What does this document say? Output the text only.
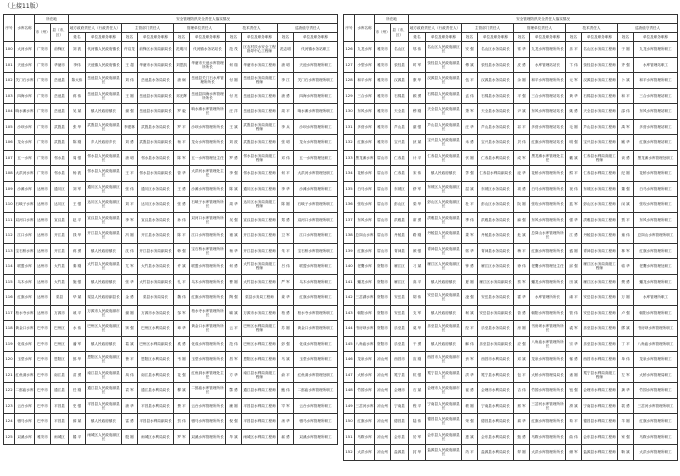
（上接11版）
序号	水库名称	所在地		安全管理防汛安全责任人落实情况									
		市（州）	县（市、区）	地方政府责任人（行政责任人）		主管部门责任人		管理单位责任人		技术责任人		巡查值守责任人	
				姓名	单位及职务职称	姓名	单位及职务职称	姓名	单位及职务职称	姓名	单位及职务职称	姓名	单位及职务职称
100	大河水库	广安市	前锋区	刘 波	代河镇人民政府镇长	许启龙	前锋区水务局副局长	范明川	代河镇水务站站长	范 茂	区农村饮水安全工程指导中心工程师	范志明	代河镇水务站职工
101	天池水库	广安市	华蓥市	李伟	天池镇人民政府镇长	王 超	华蓥市水务局副局长	刘思凯	华蓥市天池水库管理所所长	何 瑞	华蓥市水务局工程师	唐 明	天池水库管理所职工
102	关门石水库	广安市	岳池县	陈大伟	岳池县人民政府副县长	刘 伟	岳池县水务局局长	唐 炯	岳池县关门石水库管理所所长	付 刚	岳池县水务局高级工程师	李 江	关门石水库管理所职工
103	四海水库	广安市	岳池县	蒋 伟	岳池县人民政府副县长	王 刚	岳池县水务局副局长	邓光辉	岳池县四海水库管理所所长	付 亮	岳池县水务局工程师	唐 勇	四海水库管理所职工
104	响水滩水库	广安市	岳池县	吴 斌	镇人民政府镇长	谢 强	岳池县水务局副局长	罗 毅	响水滩水库管理所所长	汪 洋	岳池县水务局工程师	周 平	响水滩水库管理所职工
105	沙坝水库	广安市	武胜县	张 华	武胜县人民政府副县长	李建林	武胜县水务局局长	罗 平	沙坝水库管理所所长	王 斌	武胜县水务局高级工程师	李 兵	沙坝水库管理所职工
106	龙女水库	广安市	武胜县	陈 刚	乡人民政府乡长	刘 勇	武胜县水务局副局长	杨 平	龙女水库管理所所长	刘 波	武胜县水务局工程师	张 明	龙女水库管理所职工
107	五一水库	广安市	邻水县	周 强	邻水县人民政府副县长	唐 明	邻水县水务局局长	陈 军	五一水库管理处主任	罗 勇	邻水县水务局高级工程师	邓 伟	五一水库管理处职工
108	大洪河水库	广安市	邻水县	杨 波	邻水县人民政府副县长	王 平	邻水县水务局副局长	曾 华	大洪河水库管理处主任	李 强	邻水县水务局工程师	何 平	大洪河水库管理处职工
109	沙滩水库	达州市	通川区	刘 军	通川区人民政府副区长	张 伟	通川区水务局局长	王 勇	沙滩水库管理所所长	陈 斌	通川区水务局工程师	李 华	沙滩水库管理所职工
110	石峡子水库	达州市	达川区	王 强	达川区人民政府副区长	刘 平	达川区水务局局长	张 勇	石峡子水库管理所所长	周 华	达川区水务局高级工程师	陈 刚	石峡子水库管理所职工
111	双河口水库	达州市	宣汉县	赵 平	宣汉县人民政府副县长	李 军	宣汉县水务局局长	孙 伟	双河口水库管理所所长	吴 强	宣汉县水务局工程师	郑 勇	双河口水库管理所职工
112	江口水库	达州市	开江县	钱 华	开江县人民政府副县长	冯 刚	开江县水务局局长	陈 平	江口水库管理所所长	褚 斌	开江县水务局工程师	卫 军	江口水库管理所职工
113	宝石桥水库	达州市	开江县	蒋 勇	镇人民政府镇长	沈 伟	开江县水务局副局长	韩 强	宝石桥水库管理所所长	杨 华	开江县水务局工程师	朱 平	宝石桥水库管理所职工
114	联盟水库	达州市	大竹县	秦 刚	大竹县人民政府副县长	尤 军	大竹县水务局局长	许 斌	联盟水库管理所所长	何 勇	大竹县水务局高级工程师	吕 伟	联盟水库管理所职工
115	乌木水库	达州市	大竹县	施 强	镇人民政府镇长	张 华	大竹县水务局副局长	孔 平	乌木水库管理所所长	曹 刚	大竹县水务局工程师	严 军	乌木水库管理所职工
116	红旗水库	达州市	渠县	华 斌	渠县人民政府副县长	金 勇	渠县水务局局长	魏 伟	红旗水库管理所所长	陶 强	渠县水务局工程师	姜 华	红旗水库管理所职工
117	柏水寺水库	达州市	万源市	戚 平	万源市人民政府副市长	谢 刚	万源市水务局局长	邹 军	柏水寺水库管理所所长	喻 斌	万源市水务局工程师	柏 勇	柏水寺水库管理所职工
118	黄金口水库	巴中市	巴州区	水 伟	巴州区人民政府副区长	窦 强	巴州区水利局局长	章 华	黄金口水库管理所所长	云 平	巴州区水利局高级工程师	苏 刚	黄金口水库管理所职工
119	化成水库	巴中市	巴州区	潘 军	镇人民政府镇长	葛 斌	巴州区水利局副局长	奚 勇	化成水库管理所所长	范 伟	巴州区水利局工程师	彭 强	化成水库管理所职工
120	玉堂水库	巴中市	恩阳区	郎 华	恩阳区人民政府副区长	鲁 平	恩阳区水利局局长	韦 刚	玉堂水库管理所所长	昌 军	恩阳区水利局工程师	马 斌	玉堂水库管理所职工
121	红鱼洞水库	巴中市	南江县	苗 勇	南江县人民政府副县长	凤 伟	南江县水利局局长	花 强	红鱼洞水库管理处主任	方 华	南江县水利局高级工程师	俞 平	红鱼洞水库管理处职工
122	二郎庙水库	巴中市	通江县	任 刚	通江县人民政府副县长	袁 军	通江县水利局局长	柳 斌	二郎庙水库管理所所长	酆 勇	通江县水利局工程师	鲍 伟	二郎庙水库管理所职工
123	云台水库	巴中市	平昌县	史 强	平昌县人民政府副县长	唐 华	平昌县水利局局长	费 平	云台水库管理所所长	廉 刚	平昌县水利局工程师	岑 军	云台水库管理所职工
124	驷马水库	巴中市	平昌县	薛 斌	镇人民政府镇长	雷 勇	平昌县水利局副局长	贺 伟	驷马水库管理所所长	倪 强	平昌县水利局工程师	汤 华	驷马水库管理所职工
125	双溪水库	雅安市	雨城区	滕 平	雨城区人民政府副区长	殷 刚	雨城区水利局局长	罗 军	双溪水库管理所所长	毕 斌	雨城区水利局工程师	郝 勇	双溪水库管理所职工
序号	水库名称	所在地		安全管理防汛安全责任人落实情况									
		市（州）	县（市、区）	地方政府责任人（行政责任人）		主管部门责任人		管理单位责任人		技术责任人		巡查值守责任人	
				姓名	单位及职务职称	姓名	单位及职务职称	姓名	单位及职务职称	姓名	单位及职务职称	姓名	单位及职务职称
126	九龙水库	雅安市	名山区	邬 伟	名山区人民政府副区长	安 强	名山区水务局局长	常 华	九龙水库管理所所长	乐 平	名山区水务局工程师	于 刚	九龙水库管理所职工
127	小型水库	雅安市	荥经县	时 军	荥经县人民政府副县长	傅 斌	荥经县水务局局长	皮 勇	水库管理站站长	卞 伟	荥经县水务局工程师	齐 强	水库管理站职工
128	和平水库	雅安市	汉源县	康 华	汉源县人民政府副县长	伍 平	汉源县水务局局长	余 刚	和平水库管理所所长	元 军	汉源县水务局工程师	卜 斌	和平水库管理所职工
129	三合水库	雅安市	石棉县	顾 勇	石棉县人民政府副县长	孟 伟	石棉县水务局局长	平 强	三合水库管理站站长	黄 华	石棉县水务局工程师	和 平	三合水库管理站职工
130	东风水库	雅安市	天全县	穆 刚	天全县人民政府副县长	萧 军	天全县水务局局长	尹 斌	东风水库管理站站长	姚 勇	天全县水务局工程师	邵 伟	东风水库管理站职工
131	多营水库	雅安市	芦山县	湛 强	芦山县人民政府副县长	汪 华	芦山县水务局局长	祁 平	多营水库管理站站长	毛 刚	芦山县水务局工程师	禹 军	多营水库管理站职工
132	红旗水库	雅安市	宝兴县	狄 斌	宝兴县人民政府副县长	米 勇	宝兴县水务局局长	贝 伟	红旗水库管理站站长	明 强	宝兴县水务局工程师	臧 华	红旗水库管理站职工
133	黑龙滩水库	眉山市	仁寿县	计 平	仁寿县人民政府副县长	伏 刚	仁寿县水利局局长	成 军	黑龙滩水库管理处主任	戴 斌	仁寿县水利局高级工程师	谈 勇	黑龙滩水库管理处职工
134	花桥水库	眉山市	仁寿县	宋 伟	镇人民政府镇长	茅 强	仁寿县水利局副局长	庞 华	花桥水库管理所所长	熊 平	仁寿县水利局工程师	纪 刚	花桥水库管理所职工
135	白马水库	眉山市	东坡区	舒 军	东坡区人民政府副区长	屈 斌	东坡区水务局局长	项 勇	白马水库管理所所长	祝 伟	东坡区水务局工程师	董 强	白马水库管理所职工
136	张坎水库	眉山市	彭山区	梁 华	彭山区人民政府副区长	杜 平	彭山区水务局局长	阮 刚	张坎水库管理所所长	蓝 军	彭山区水务局工程师	闵 斌	张坎水库管理所职工
137	东风水库	眉山市	洪雅县	席 勇	洪雅县人民政府副县长	季 伟	洪雅县水务局局长	麻 强	东风水库管理所所长	强 华	洪雅县水务局工程师	贾 平	东风水库管理所职工
138	总岗山水库	眉山市	丹棱县	路 刚	丹棱县人民政府副县长	娄 军	丹棱县水务局局长	危 斌	总岗山水库管理所所长	江 勇	丹棱县水务局工程师	童 伟	总岗山水库管理所职工
139	红旗水库	眉山市	青神县	颜 强	青神县人民政府副县长	郭 华	青神县水务局局长	梅 平	红旗水库管理所所长	盛 刚	青神县水务局工程师	林 军	红旗水库管理所职工
140	老鹰水库	资阳市	雁江区	刁 斌	雁江区人民政府副区长	钟 勇	雁江区水务局局长	徐 伟	老鹰水库管理处主任	邱 强	雁江区水务局高级工程师	骆 华	老鹰水库管理处职工
141	蟠龙水库	资阳市	雁江区	高 平	镇人民政府镇长	夏 刚	雁江区水务局副局长	蔡 军	蟠龙水库管理所所长	田 斌	雁江区水务局工程师	樊 勇	蟠龙水库管理所职工
142	三岔湖水库	资阳市	安岳县	胡 伟	安岳县人民政府副县长	凌 强	安岳县水务局局长	霍 华	水库管理所所长	虞 平	安岳县水务局工程师	万 刚	水库管理所职工
143	朝阳水库	资阳市	安岳县	支 军	镇人民政府镇长	柯 斌	安岳县水务局副局长	昝 勇	朝阳水库管理所所长	管 伟	安岳县水务局工程师	卢 强	朝阳水库管理所职工
144	书房坝水库	资阳市	乐至县	莫 华	乐至县人民政府副县长	经 平	乐至县水务局局长	房 刚	书房坝水库管理所所长	裘 军	乐至县水务局工程师	缪 斌	书房坝水库管理所职工
145	八角庙水库	资阳市	乐至县	干 勇	镇人民政府镇长	解 伟	乐至县水务局副局长	应 强	八角庙水库管理所所长	宗 华	乐至县水务局工程师	丁 平	八角庙水库管理所职工
146	龙泉水库	凉山州	西昌市	宣 刚	西昌市人民政府副市长	贲 军	西昌市水利局局长	邓 斌	龙泉水库管理所所长	郁 勇	西昌市水利局工程师	单 伟	龙泉水库管理所职工
147	大桥水库	凉山州	冕宁县	杭 强	冕宁县人民政府副县长	洪 华	冕宁县水利局局长	包 平	大桥水库管理局局长	诸 刚	冕宁县水利局高级工程师	左 军	大桥水库管理局职工
148	竹园水库	凉山州	会理市	石 斌	会理市人民政府副市长	崔 勇	会理市水利局局长	吉 伟	竹园水库管理所所长	钮 强	会理市水利局工程师	龚 华	竹园水库管理所职工
149	三岔河水库	凉山州	宁南县	程 平	宁南县人民政府副县长	嵇 刚	宁南县水利局局长	邢 军	三岔河水库管理所所长	滑 斌	宁南县水利局工程师	裴 勇	三岔河水库管理所职工
150	红旗水库	凉山州	德昌县	陆 伟	德昌县人民政府副县长	荣 强	德昌县水利局局长	翁 华	红旗水库管理所所长	荀 平	德昌县水利局工程师	羊 刚	红旗水库管理所职工
151	马鞍水库	凉山州	会东县	於 军	会东县人民政府副县长	惠 斌	会东县水利局局长	甄 勇	马鞍水库管理所所长	曲 伟	会东县水利局工程师	家 强	马鞍水库管理所职工
152	大洪水库	凉山州	盐源县	封 华	盐源县人民政府副县长	芮 平	盐源县水利局局长	羿 刚	大洪水库管理所所长	储 军	盐源县水利局工程师	靳 斌	大洪水库管理所职工
